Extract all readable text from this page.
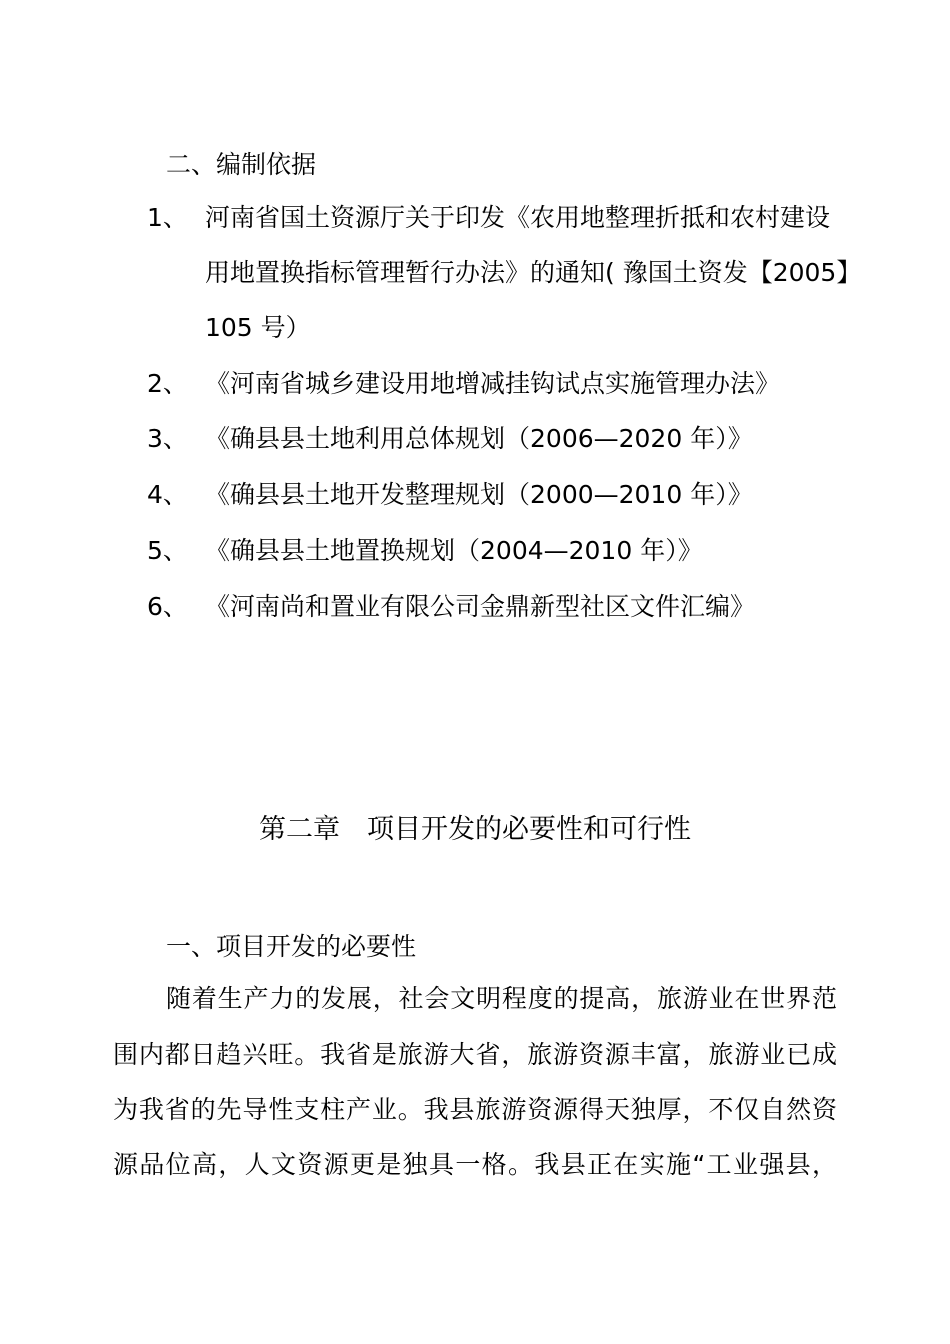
二、编制依据
1、 河南省国土资源厅关于印发《农用地整理折抵和农村建设
用地置换指标管理暂行办法》的通知( 豫国土资发【2005】
105 号）
2、 《河南省城乡建设用地增减挂钩试点实施管理办法》
3、 《确县县土地利用总体规划（2006—2020 年）》
4、 《确县县土地开发整理规划（2000—2010 年）》
5、 《确县县土地置换规划（2004—2010 年）》
6、 《河南尚和置业有限公司金鼎新型社区文件汇编》
第二章　项目开发的必要性和可行性
一、项目开发的必要性
随着生产力的发展，社会文明程度的提高，旅游业在世界范
围内都日趋兴旺。我省是旅游大省，旅游资源丰富，旅游业已成
为我省的先导性支柱产业。我县旅游资源得天独厚，不仅自然资
源品位高，人文资源更是独具一格。我县正在实施“工业强县，
